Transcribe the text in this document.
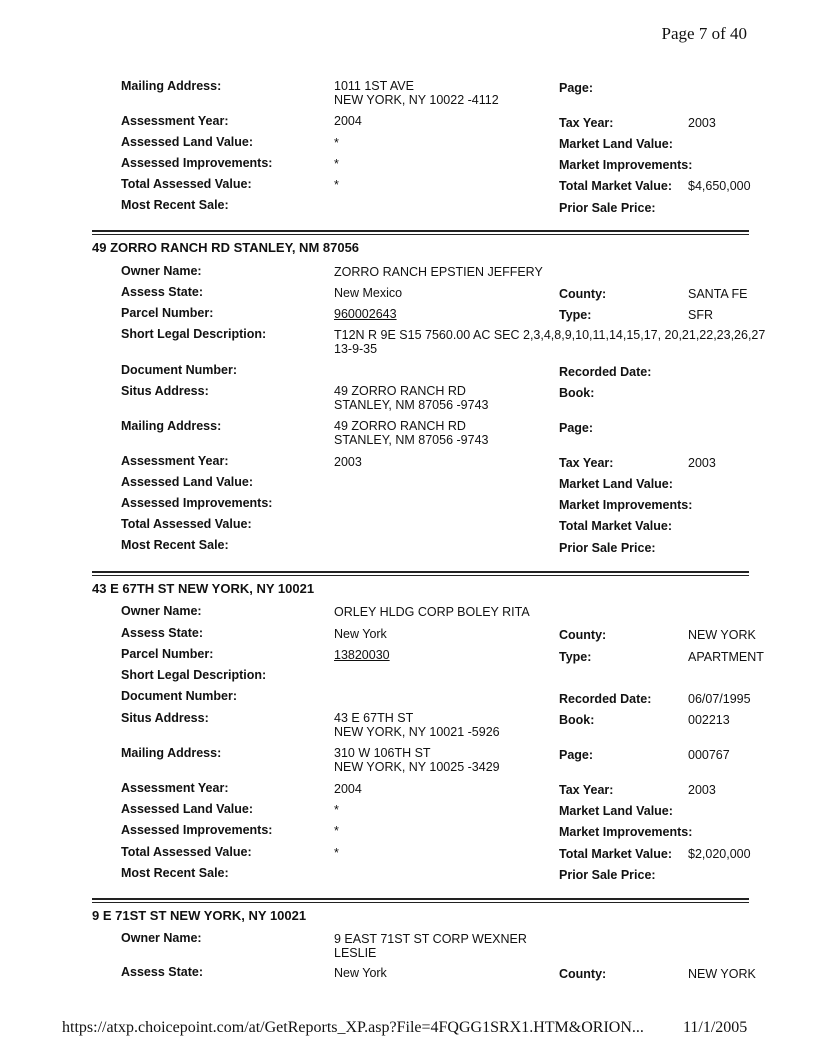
Page 7 of 40
Mailing Address:	1011 1ST AVE
NEW YORK, NY 10022 -4112
Page:
Assessment Year:	2004	Tax Year:	2003
Assessed Land Value:	*	Market Land Value:
Assessed Improvements:	*	Market Improvements:
Total Assessed Value:	*	Total Market Value: $4,650,000
Most Recent Sale:	Prior Sale Price:
49 ZORRO RANCH RD STANLEY, NM 87056
Owner Name:	ZORRO RANCH EPSTIEN JEFFERY
Assess State:	New Mexico	County:	SANTA FE
Parcel Number:	960002643	Type:	SFR
Short Legal Description:	T12N R 9E S15 7560.00 AC SEC 2,3,4,8,9,10,11,14,15,17, 20,21,22,23,26,27
13-9-35
Document Number:	Recorded Date:
Situs Address:	49 ZORRO RANCH RD
STANLEY, NM 87056 -9743
Book:
Mailing Address:	49 ZORRO RANCH RD
STANLEY, NM 87056 -9743
Page:
Assessment Year:	2003	Tax Year:	2003
Assessed Land Value:	Market Land Value:
Assessed Improvements:	Market Improvements:
Total Assessed Value:	Total Market Value:
Most Recent Sale:	Prior Sale Price:
43 E 67TH ST NEW YORK, NY 10021
Owner Name:	ORLEY HLDG CORP BOLEY RITA
Assess State:	New York	County:	NEW YORK
Parcel Number:	13820030	Type:	APARTMENT
Short Legal Description:
Document Number:	Recorded Date:	06/07/1995
Situs Address:	43 E 67TH ST
NEW YORK, NY 10021 -5926
Book:	002213
Mailing Address:	310 W 106TH ST
NEW YORK, NY 10025 -3429
Page:	000767
Assessment Year:	2004	Tax Year:	2003
Assessed Land Value:	*	Market Land Value:
Assessed Improvements:	*	Market Improvements:
Total Assessed Value:	*	Total Market Value: $2,020,000
Most Recent Sale:	Prior Sale Price:
9 E 71ST ST NEW YORK, NY 10021
Owner Name:	9 EAST 71ST ST CORP WEXNER
LESLIE
Assess State:	New York	County:	NEW YORK
https://atxp.choicepoint.com/at/GetReports_XP.asp?File=4FQGG1SRX1.HTM&ORION... 11/1/2005
